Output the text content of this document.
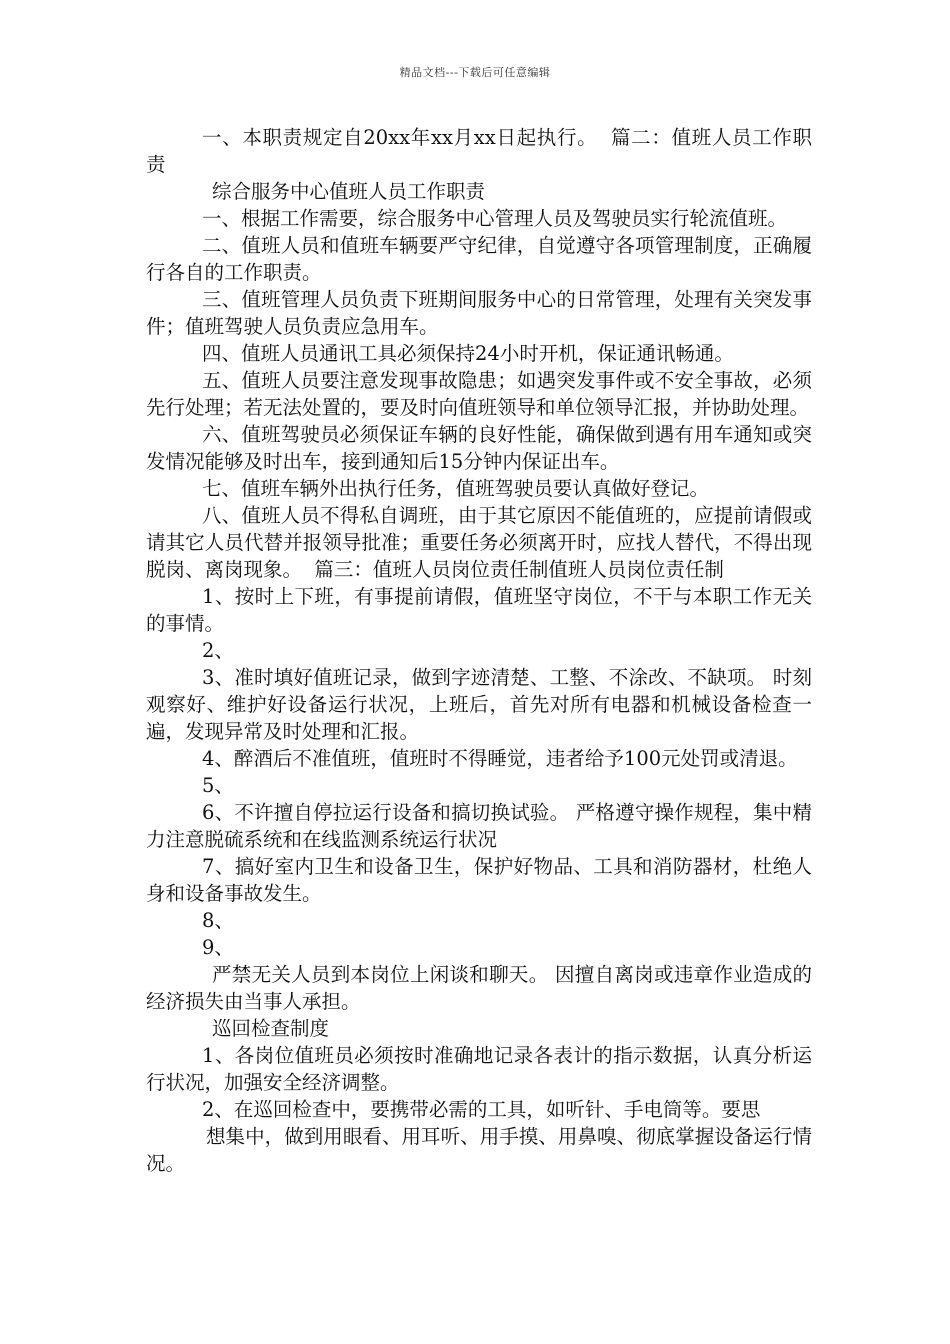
精品文档---下载后可任意编辑

一、本职责规定自20xx年xx月xx日起执行。  篇二：值班人员工作职责

综合服务中心值班人员工作职责

一、根据工作需要，综合服务中心管理人员及驾驶员实行轮流值班。

二、值班人员和值班车辆要严守纪律，自觉遵守各项管理制度，正确履行各自的工作职责。

三、值班管理人员负责下班期间服务中心的日常管理，处理有关突发事件；值班驾驶人员负责应急用车。

四、值班人员通讯工具必须保持24小时开机，保证通讯畅通。

五、值班人员要注意发现事故隐患；如遇突发事件或不安全事故，必须先行处理；若无法处置的，要及时向值班领导和单位领导汇报，并协助处理。

六、值班驾驶员必须保证车辆的良好性能，确保做到遇有用车通知或突发情况能够及时出车，接到通知后15分钟内保证出车。

七、值班车辆外出执行任务，值班驾驶员要认真做好登记。

八、值班人员不得私自调班，由于其它原因不能值班的，应提前请假或请其它人员代替并报领导批准；重要任务必须离开时，应找人替代，不得出现脱岗、离岗现象。  篇三：值班人员岗位责任制值班人员岗位责任制

1、按时上下班，有事提前请假，值班坚守岗位，不干与本职工作无关的事情。

2、

3、准时填好值班记录，做到字迹清楚、工整、不涂改、不缺项。 时刻观察好、维护好设备运行状况，上班后，首先对所有电器和机械设备检查一遍，发现异常及时处理和汇报。

4、醉酒后不准值班，值班时不得睡觉，违者给予100元处罚或清退。

5、

6、不许擅自停拉运行设备和搞切换试验。 严格遵守操作规程，集中精力注意脱硫系统和在线监测系统运行状况

7、搞好室内卫生和设备卫生，保护好物品、工具和消防器材，杜绝人身和设备事故发生。

8、

9、

严禁无关人员到本岗位上闲谈和聊天。 因擅自离岗或违章作业造成的经济损失由当事人承担。

巡回检查制度

1、各岗位值班员必须按时准确地记录各表计的指示数据，认真分析运行状况，加强安全经济调整。

2、在巡回检查中，要携带必需的工具，如听针、手电筒等。要思

想集中，做到用眼看、用耳听、用手摸、用鼻嗅、彻底掌握设备运行情况。
